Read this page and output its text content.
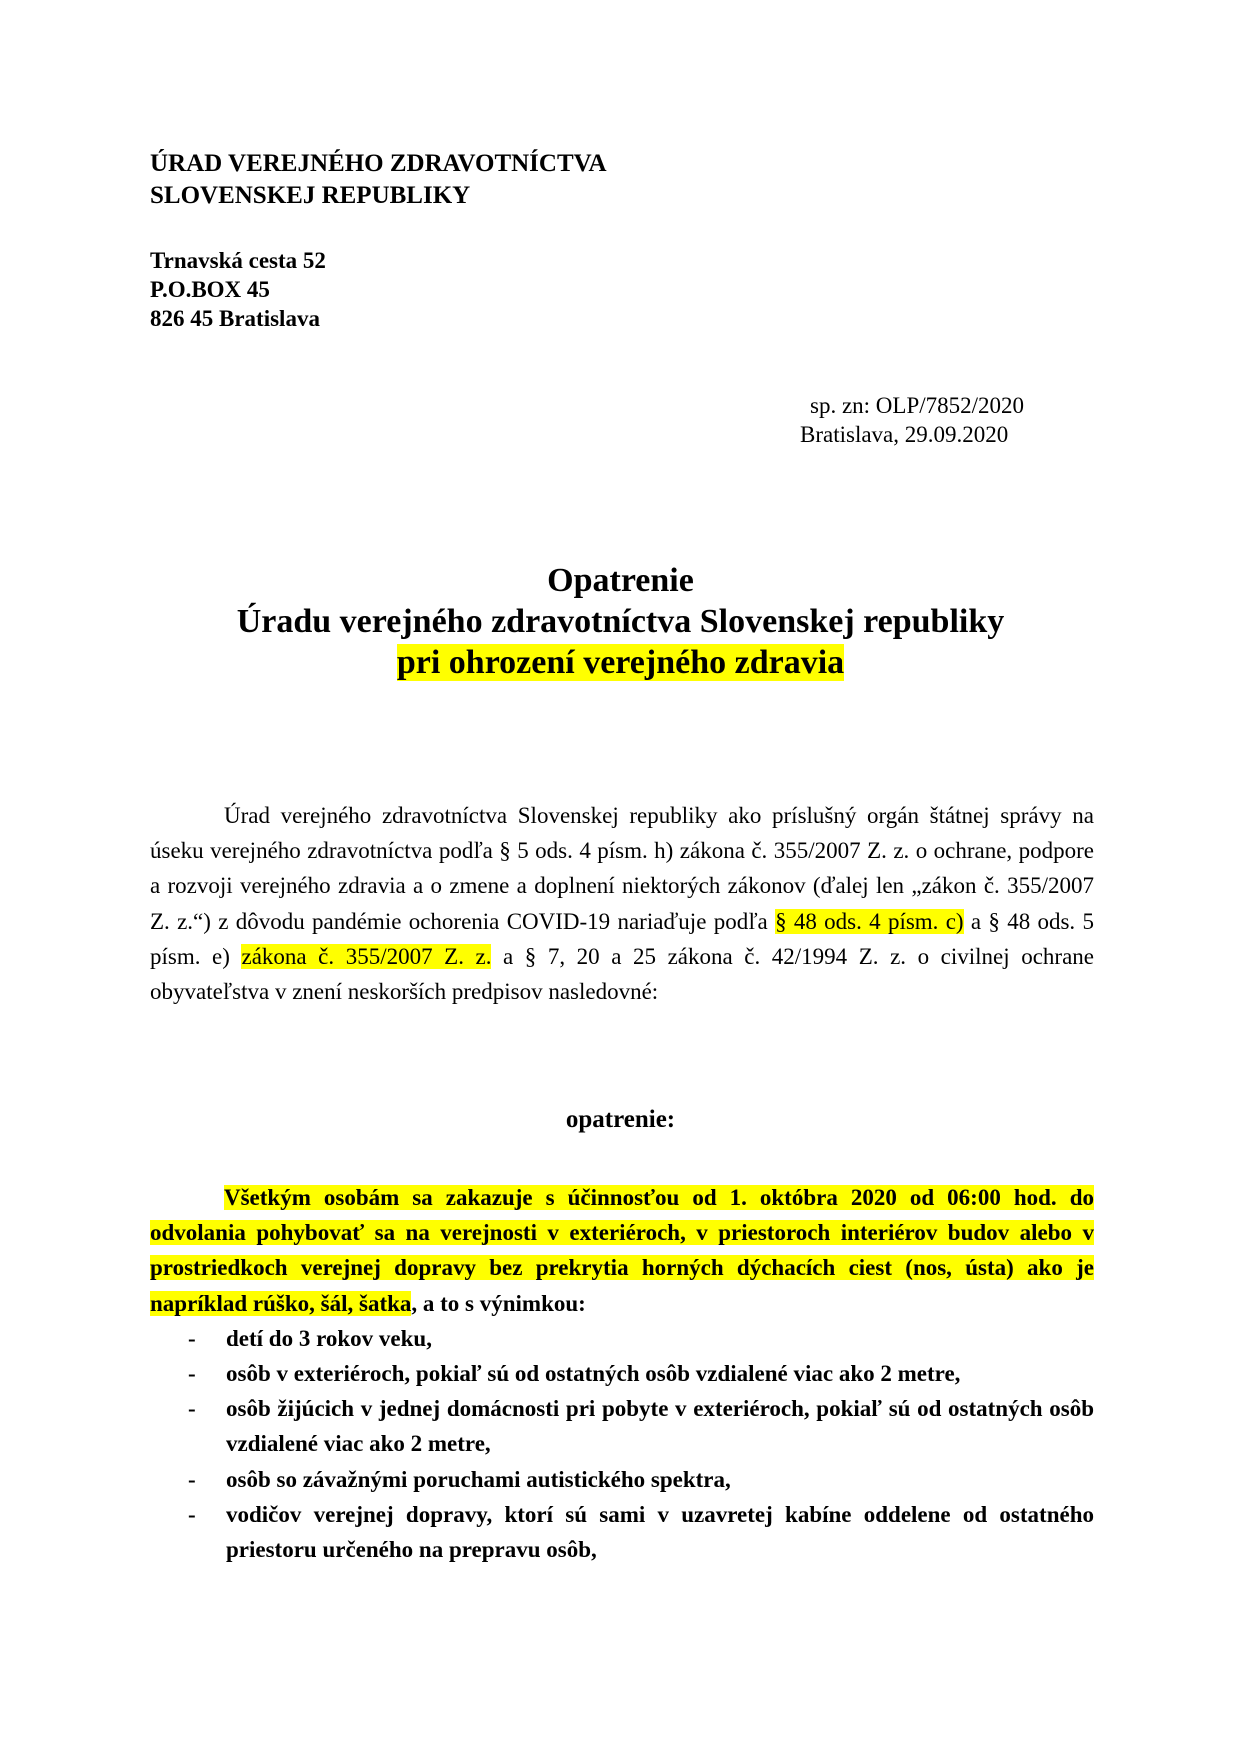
ÚRAD VEREJNÉHO ZDRAVOTNÍCTVA
SLOVENSKEJ REPUBLIKY
Trnavská cesta 52
P.O.BOX 45
826 45 Bratislava
sp. zn: OLP/7852/2020
Bratislava, 29.09.2020
Opatrenie
Úradu verejného zdravotníctva Slovenskej republiky
pri ohrození verejného zdravia

Úrad verejného zdravotníctva Slovenskej republiky ako príslušný orgán štátnej správy na úseku verejného zdravotníctva podľa § 5 ods. 4 písm. h) zákona č. 355/2007 Z. z. o ochrane, podpore a rozvoji verejného zdravia a o zmene a doplnení niektorých zákonov (ďalej len „zákon č. 355/2007 Z. z.“) z dôvodu pandémie ochorenia COVID-19 nariaďuje podľa § 48 ods. 4 písm. c) a § 48 ods. 5 písm. e) zákona č. 355/2007 Z. z. a § 7, 20 a 25 zákona č. 42/1994 Z. z. o civilnej ochrane obyvateľstva v znení neskorších predpisov nasledovné:

opatrenie:

Všetkým osobám sa zakazuje s účinnosťou od 1. októbra 2020 od 06:00 hod. do odvolania pohybovať sa na verejnosti v exteriéroch, v priestoroch interiérov budov alebo v prostriedkoch verejnej dopravy bez prekrytia horných dýchacích ciest (nos, ústa) ako je napríklad rúško, šál, šatka, a to s výnimkou:

- detí do 3 rokov veku,
- osôb v exteriéroch, pokiaľ sú od ostatných osôb vzdialené viac ako 2 metre,
- osôb žijúcich v jednej domácnosti pri pobyte v exteriéroch, pokiaľ sú od ostatných osôb vzdialené viac ako 2 metre,
- osôb so závažnými poruchami autistického spektra,
- vodičov verejnej dopravy, ktorí sú sami v uzavretej kabíne oddelene od ostatného priestoru určeného na prepravu osôb,
